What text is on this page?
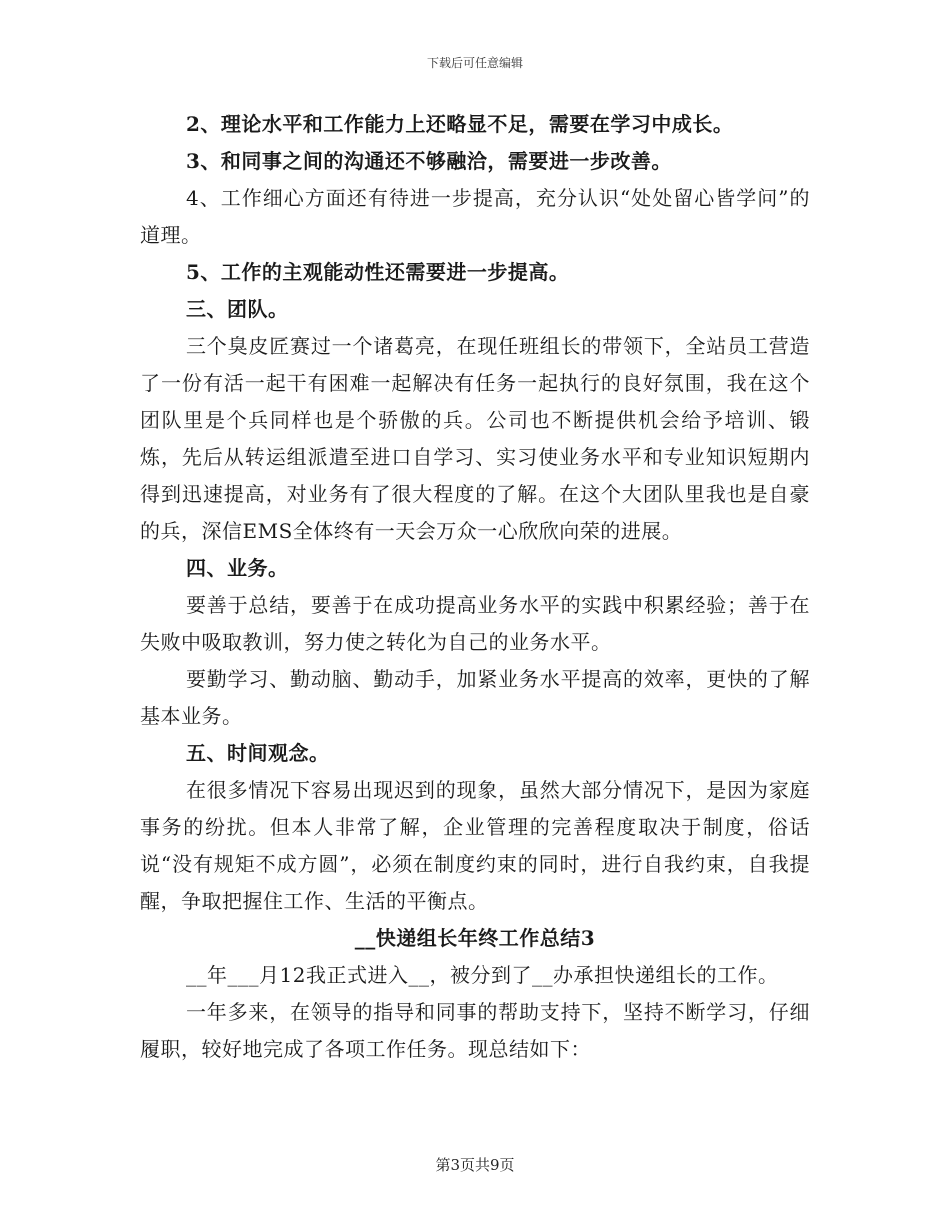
下载后可任意编辑

2、理论水平和工作能力上还略显不足，需要在学习中成长。

3、和同事之间的沟通还不够融洽，需要进一步改善。

4、工作细心方面还有待进一步提高，充分认识“处处留心皆学问”的道理。

5、工作的主观能动性还需要进一步提高。

三、团队。

三个臭皮匠赛过一个诸葛亮，在现任班组长的带领下，全站员工营造了一份有活一起干有困难一起解决有任务一起执行的良好氛围，我在这个团队里是个兵同样也是个骄傲的兵。公司也不断提供机会给予培训、锻炼，先后从转运组派遣至进口自学习、实习使业务水平和专业知识短期内得到迅速提高，对业务有了很大程度的了解。在这个大团队里我也是自豪的兵，深信EMS全体终有一天会万众一心欣欣向荣的进展。

四、业务。

要善于总结，要善于在成功提高业务水平的实践中积累经验；善于在失败中吸取教训，努力使之转化为自己的业务水平。

要勤学习、勤动脑、勤动手，加紧业务水平提高的效率，更快的了解基本业务。

五、时间观念。

在很多情况下容易出现迟到的现象，虽然大部分情况下，是因为家庭事务的纷扰。但本人非常了解，企业管理的完善程度取决于制度，俗话说“没有规矩不成方圆”，必须在制度约束的同时，进行自我约束，自我提醒，争取把握住工作、生活的平衡点。

__快递组长年终工作总结3

__年___月12我正式进入__，被分到了__办承担快递组长的工作。

一年多来，在领导的指导和同事的帮助支持下，坚持不断学习，仔细履职，较好地完成了各项工作任务。现总结如下：

第3页共9页
